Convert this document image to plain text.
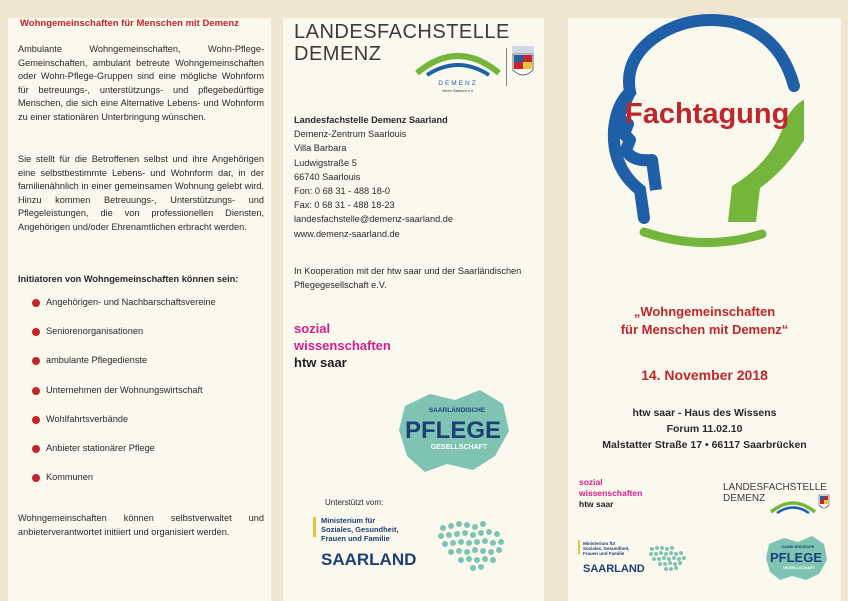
Wohngemeinschaften für Menschen mit Demenz
Ambulante Wohngemeinschaften, Wohn-Pflege-Gemeinschaften, ambulant betreute Wohngemeinschaften oder Wohn-Pflege-Gruppen sind eine mögliche Wohnform für betreuungs-, unterstützungs- und pflegebedürftige Menschen, die sich eine Alternative Lebens- und Wohnform zu einer stationären Unterbringung wünschen.
Sie stellt für die Betroffenen selbst und ihre Angehörigen eine selbstbestimmte Lebens- und Wohnform dar, in der familienähnlich in einer gemeinsamen Wohnung gelebt wird. Hinzu kommen Betreuungs-, Unterstützungs- und Pflegeleistungen, die von professionellen Diensten, Angehörigen und/oder Ehrenamtlichen erbracht werden.
Initiatoren von Wohngemeinschaften können sein:
Angehörigen- und Nachbarschaftsvereine
Seniorenorganisationen
ambulante Pflegedienste
Unternehmen der Wohnungswirtschaft
Wohlfahrtsverbände
Anbieter stationärer Pflege
Kommunen
Wohngemeinschaften können selbstverwaltet und anbieterverantwortet initiiert und organisiert werden.
LANDESFACHSTELLE
DEMENZ
DEMENZ
Verein Saarland e.V.
Landesfachstelle Demenz Saarland
Demenz-Zentrum Saarlouis
Villa Barbara
Ludwigstraße 5
66740 Saarlouis
Fon: 0 68 31 - 488 18-0
Fax: 0 68 31 - 488 18-23
landesfachstelle@demenz-saarland.de
www.demenz-saarland.de
In Kooperation mit der htw saar und der Saarländischen Pflegegesellschaft e.V.
sozial
wissenschaften
htw saar
SAARLÄNDISCHE
PFLEGE
GESELLSCHAFT
Unterstützt vom:
Ministerium für
Soziales, Gesundheit,
Frauen und Familie
SAARLAND
Fachtagung
„Wohngemeinschaften
für Menschen mit Demenz“
14. November 2018
htw saar - Haus des Wissens
Forum 11.02.10
Malstatter Straße 17 • 66117 Saarbrücken
sozial
wissenschaften
htw saar
LANDESFACHSTELLE
DEMENZ
Ministerium für
Soziales, Gesundheit,
Frauen und Familie
SAARLAND
SAARLÄNDISCHE
PFLEGE
GESELLSCHAFT
